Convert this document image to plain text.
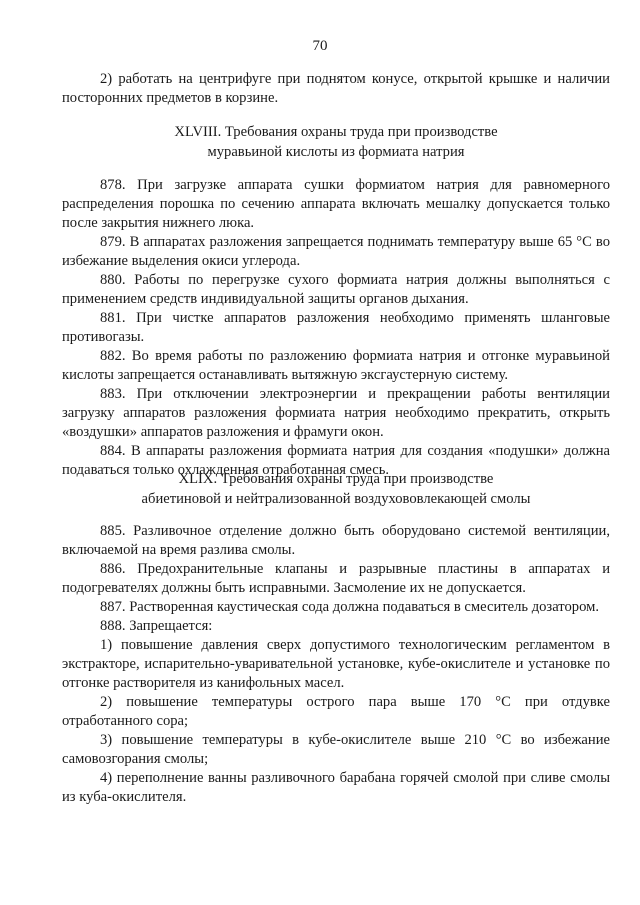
70

2) работать на центрифуге при поднятом конусе, открытой крышке и наличии посторонних предметов в корзине.

XLVIII. Требования охраны труда при производстве
муравьиной кислоты из формиата натрия

878. При загрузке аппарата сушки формиатом натрия для равномерного распределения порошка по сечению аппарата включать мешалку допускается только после закрытия нижнего люка.

879. В аппаратах разложения запрещается поднимать температуру выше 65 °С во избежание выделения окиси углерода.

880. Работы по перегрузке сухого формиата натрия должны выполняться с применением средств индивидуальной защиты органов дыхания.

881. При чистке аппаратов разложения необходимо применять шланговые противогазы.

882. Во время работы по разложению формиата натрия и отгонке муравьиной кислоты запрещается останавливать вытяжную эксгаустерную систему.

883. При отключении электроэнергии и прекращении работы вентиляции загрузку аппаратов разложения формиата натрия необходимо прекратить, открыть «воздушки» аппаратов разложения и фрамуги окон.

884. В аппараты разложения формиата натрия для создания «подушки» должна подаваться только охлажденная отработанная смесь.

XLIX. Требования охраны труда при производстве
абиетиновой и нейтрализованной воздухововлекающей смолы

885. Разливочное отделение должно быть оборудовано системой вентиляции, включаемой на время разлива смолы.

886. Предохранительные клапаны и разрывные пластины в аппаратах и подогревателях должны быть исправными. Засмоление их не допускается.

887. Растворенная каустическая сода должна подаваться в смеситель дозатором.

888. Запрещается:

1) повышение давления сверх допустимого технологическим регламентом в экстракторе, испарительно-уваривательной установке, кубе-окислителе и установке по отгонке растворителя из канифольных масел.

2) повышение температуры острого пара выше 170 °С при отдувке отработанного сора;

3) повышение температуры в кубе-окислителе выше 210 °С во избежание самовозгорания смолы;

4) переполнение ванны разливочного барабана горячей смолой при сливе смолы из куба-окислителя.
